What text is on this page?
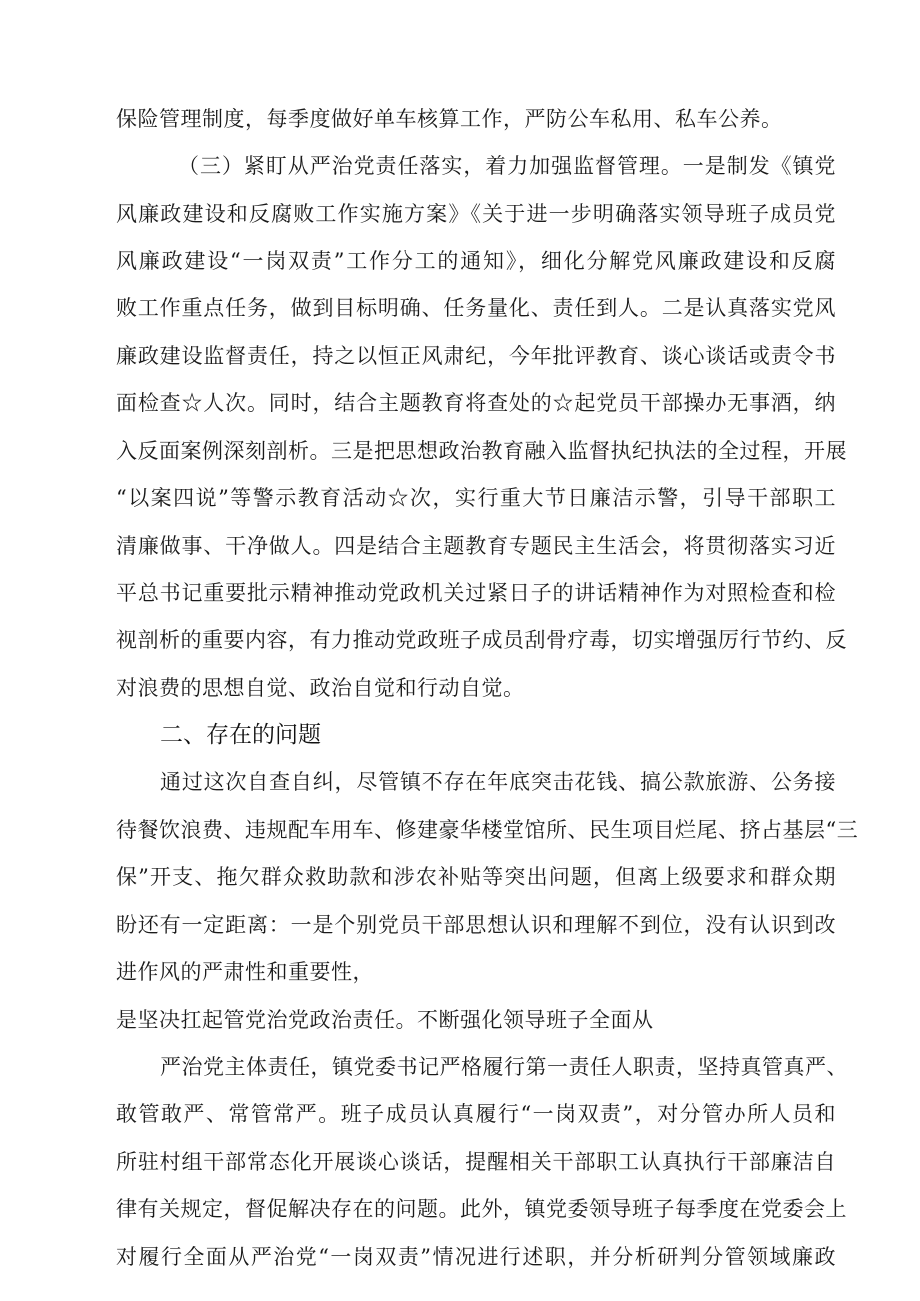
保险管理制度，每季度做好单车核算工作，严防公车私用、私车公养。
（三）紧盯从严治党责任落实，着力加强监督管理。一是制发《镇党
风廉政建设和反腐败工作实施方案》《关于进一步明确落实领导班子成员党
风廉政建设“一岗双责”工作分工的通知》，细化分解党风廉政建设和反腐
败工作重点任务，做到目标明确、任务量化、责任到人。二是认真落实党风
廉政建设监督责任，持之以恒正风肃纪，今年批评教育、谈心谈话或责令书
面检查☆人次。同时，结合主题教育将查处的☆起党员干部操办无事酒，纳
入反面案例深刻剖析。三是把思想政治教育融入监督执纪执法的全过程，开展
“以案四说”等警示教育活动☆次，实行重大节日廉洁示警，引导干部职工
清廉做事、干净做人。四是结合主题教育专题民主生活会，将贯彻落实习近
平总书记重要批示精神推动党政机关过紧日子的讲话精神作为对照检查和检
视剖析的重要内容，有力推动党政班子成员刮骨疗毒，切实增强厉行节约、反
对浪费的思想自觉、政治自觉和行动自觉。
二、存在的问题
通过这次自查自纠，尽管镇不存在年底突击花钱、搞公款旅游、公务接
待餐饮浪费、违规配车用车、修建豪华楼堂馆所、民生项目烂尾、挤占基层“三
保”开支、拖欠群众救助款和涉农补贴等突出问题，但离上级要求和群众期
盼还有一定距离：一是个别党员干部思想认识和理解不到位，没有认识到改
进作风的严肃性和重要性，
是坚决扛起管党治党政治责任。不断强化领导班子全面从
严治党主体责任，镇党委书记严格履行第一责任人职责，坚持真管真严、
敢管敢严、常管常严。班子成员认真履行“一岗双责”，对分管办所人员和
所驻村组干部常态化开展谈心谈话，提醒相关干部职工认真执行干部廉洁自
律有关规定，督促解决存在的问题。此外，镇党委领导班子每季度在党委会上
对履行全面从严治党“一岗双责”情况进行述职，并分析研判分管领域廉政
